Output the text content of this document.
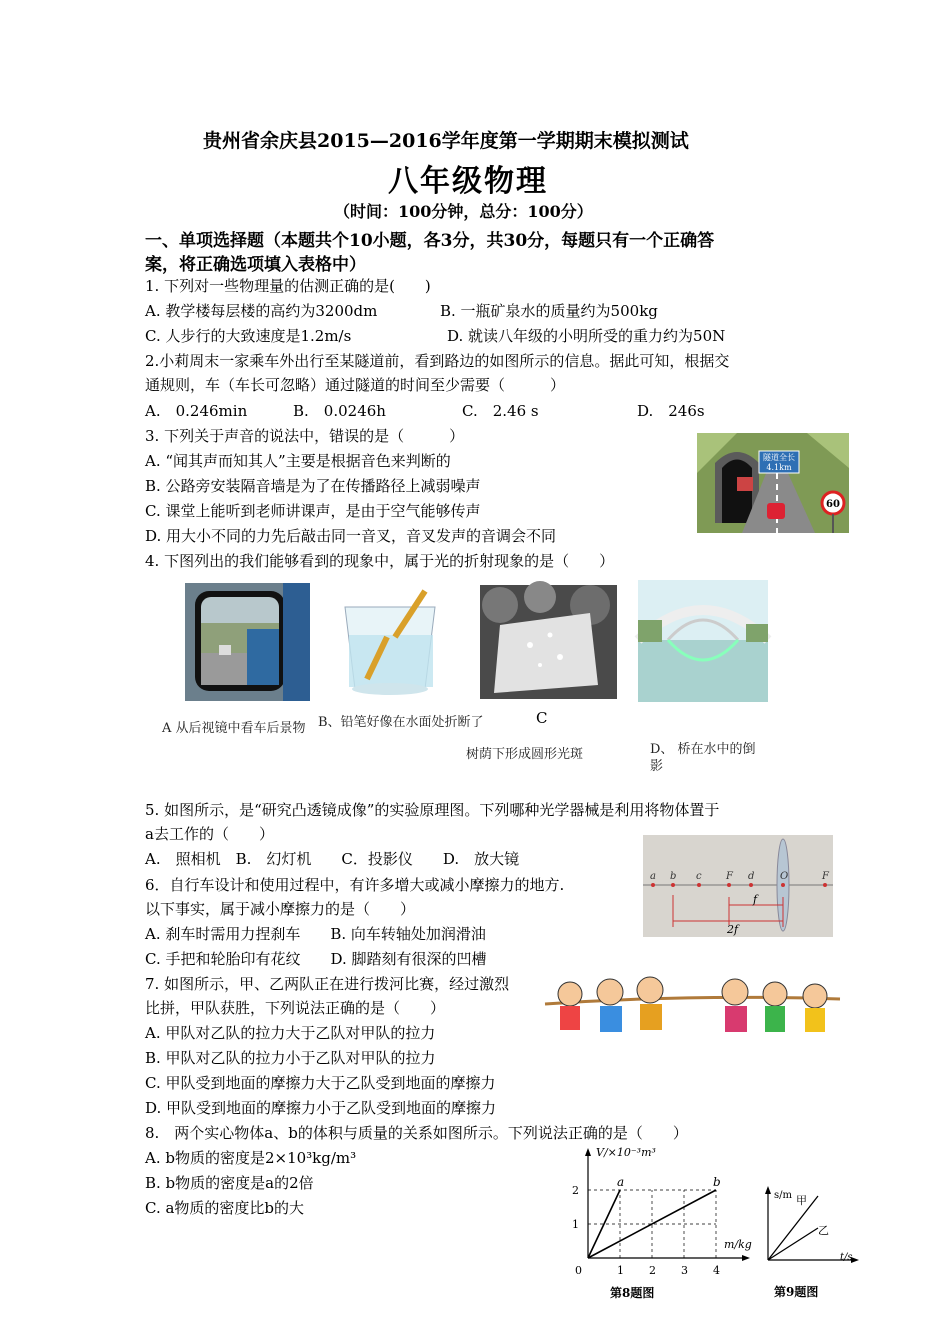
贵州省余庆县2015—2016学年度第一学期期末模拟测试
八年级物理
（时间：100分钟，总分：100分）
一、单项选择题（本题共个10小题，各3分，共30分，每题只有一个正确答
案，将正确选项填入表格中）
1. 下列对一些物理量的估测正确的是(　　)
A. 教学楼每层楼的高约为3200dm	B. 一瓶矿泉水的质量约为500kg
C. 人步行的大致速度是1.2m/s	D. 就读八年级的小明所受的重力约为50N
2.小莉周末一家乘车外出行至某隧道前，看到路边的如图所示的信息。据此可知，根据交
通规则，车（车长可忽略）通过隧道的时间至少需要（　　　）
A.　0.246min	B.　0.0246h	C.　2.46 s	D.　246s
隧道全长
4.1km
60
3. 下列关于声音的说法中，错误的是（　　　）
A. “闻其声而知其人”主要是根据音色来判断的
B. 公路旁安装隔音墙是为了在传播路径上减弱噪声
C. 课堂上能听到老师讲课声，是由于空气能够传声
D. 用大小不同的力先后敲击同一音叉，音叉发声的音调会不同
4. 下图列出的我们能够看到的现象中，属于光的折射现象的是（　　）
A 从后视镜中看车后景物 B、铅笔好像在水面处折断了	C
树荫下形成圆形光斑	D、 桥在水中的倒
影
5. 如图所示，是“研究凸透镜成像”的实验原理图。下列哪种光学器械是利用将物体置于
a去工作的（　　）
A.　照相机　B.　幻灯机　　C．投影仪　　D.　放大镜
a b c F d	O	F
f
2f
6．自行车设计和使用过程中，有许多增大或减小摩擦力的地方.
以下事实，属于减小摩擦力的是（　　）
A. 刹车时需用力捏刹车　　B. 向车转轴处加润滑油
C. 手把和轮胎印有花纹　　D. 脚踏刻有很深的凹槽
7. 如图所示，甲、乙两队正在进行拨河比赛，经过激烈
比拼，甲队获胜，下列说法正确的是（　　）
A. 甲队对乙队的拉力大于乙队对甲队的拉力
B. 甲队对乙队的拉力小于乙队对甲队的拉力
C. 甲队受到地面的摩擦力大于乙队受到地面的摩擦力
D. 甲队受到地面的摩擦力小于乙队受到地面的摩擦力
8.　两个实心物体a、b的体积与质量的关系如图所示。下列说法正确的是（　　）
A. b物质的密度是2×10³kg/m³
B. b物质的密度是a的2倍
C. a物质的密度比b的大
a	b
0	1 2 3 4
1
2
V/×10⁻³m³
m/kg
第8题图
s/m
t/s
甲
乙
第9题图
